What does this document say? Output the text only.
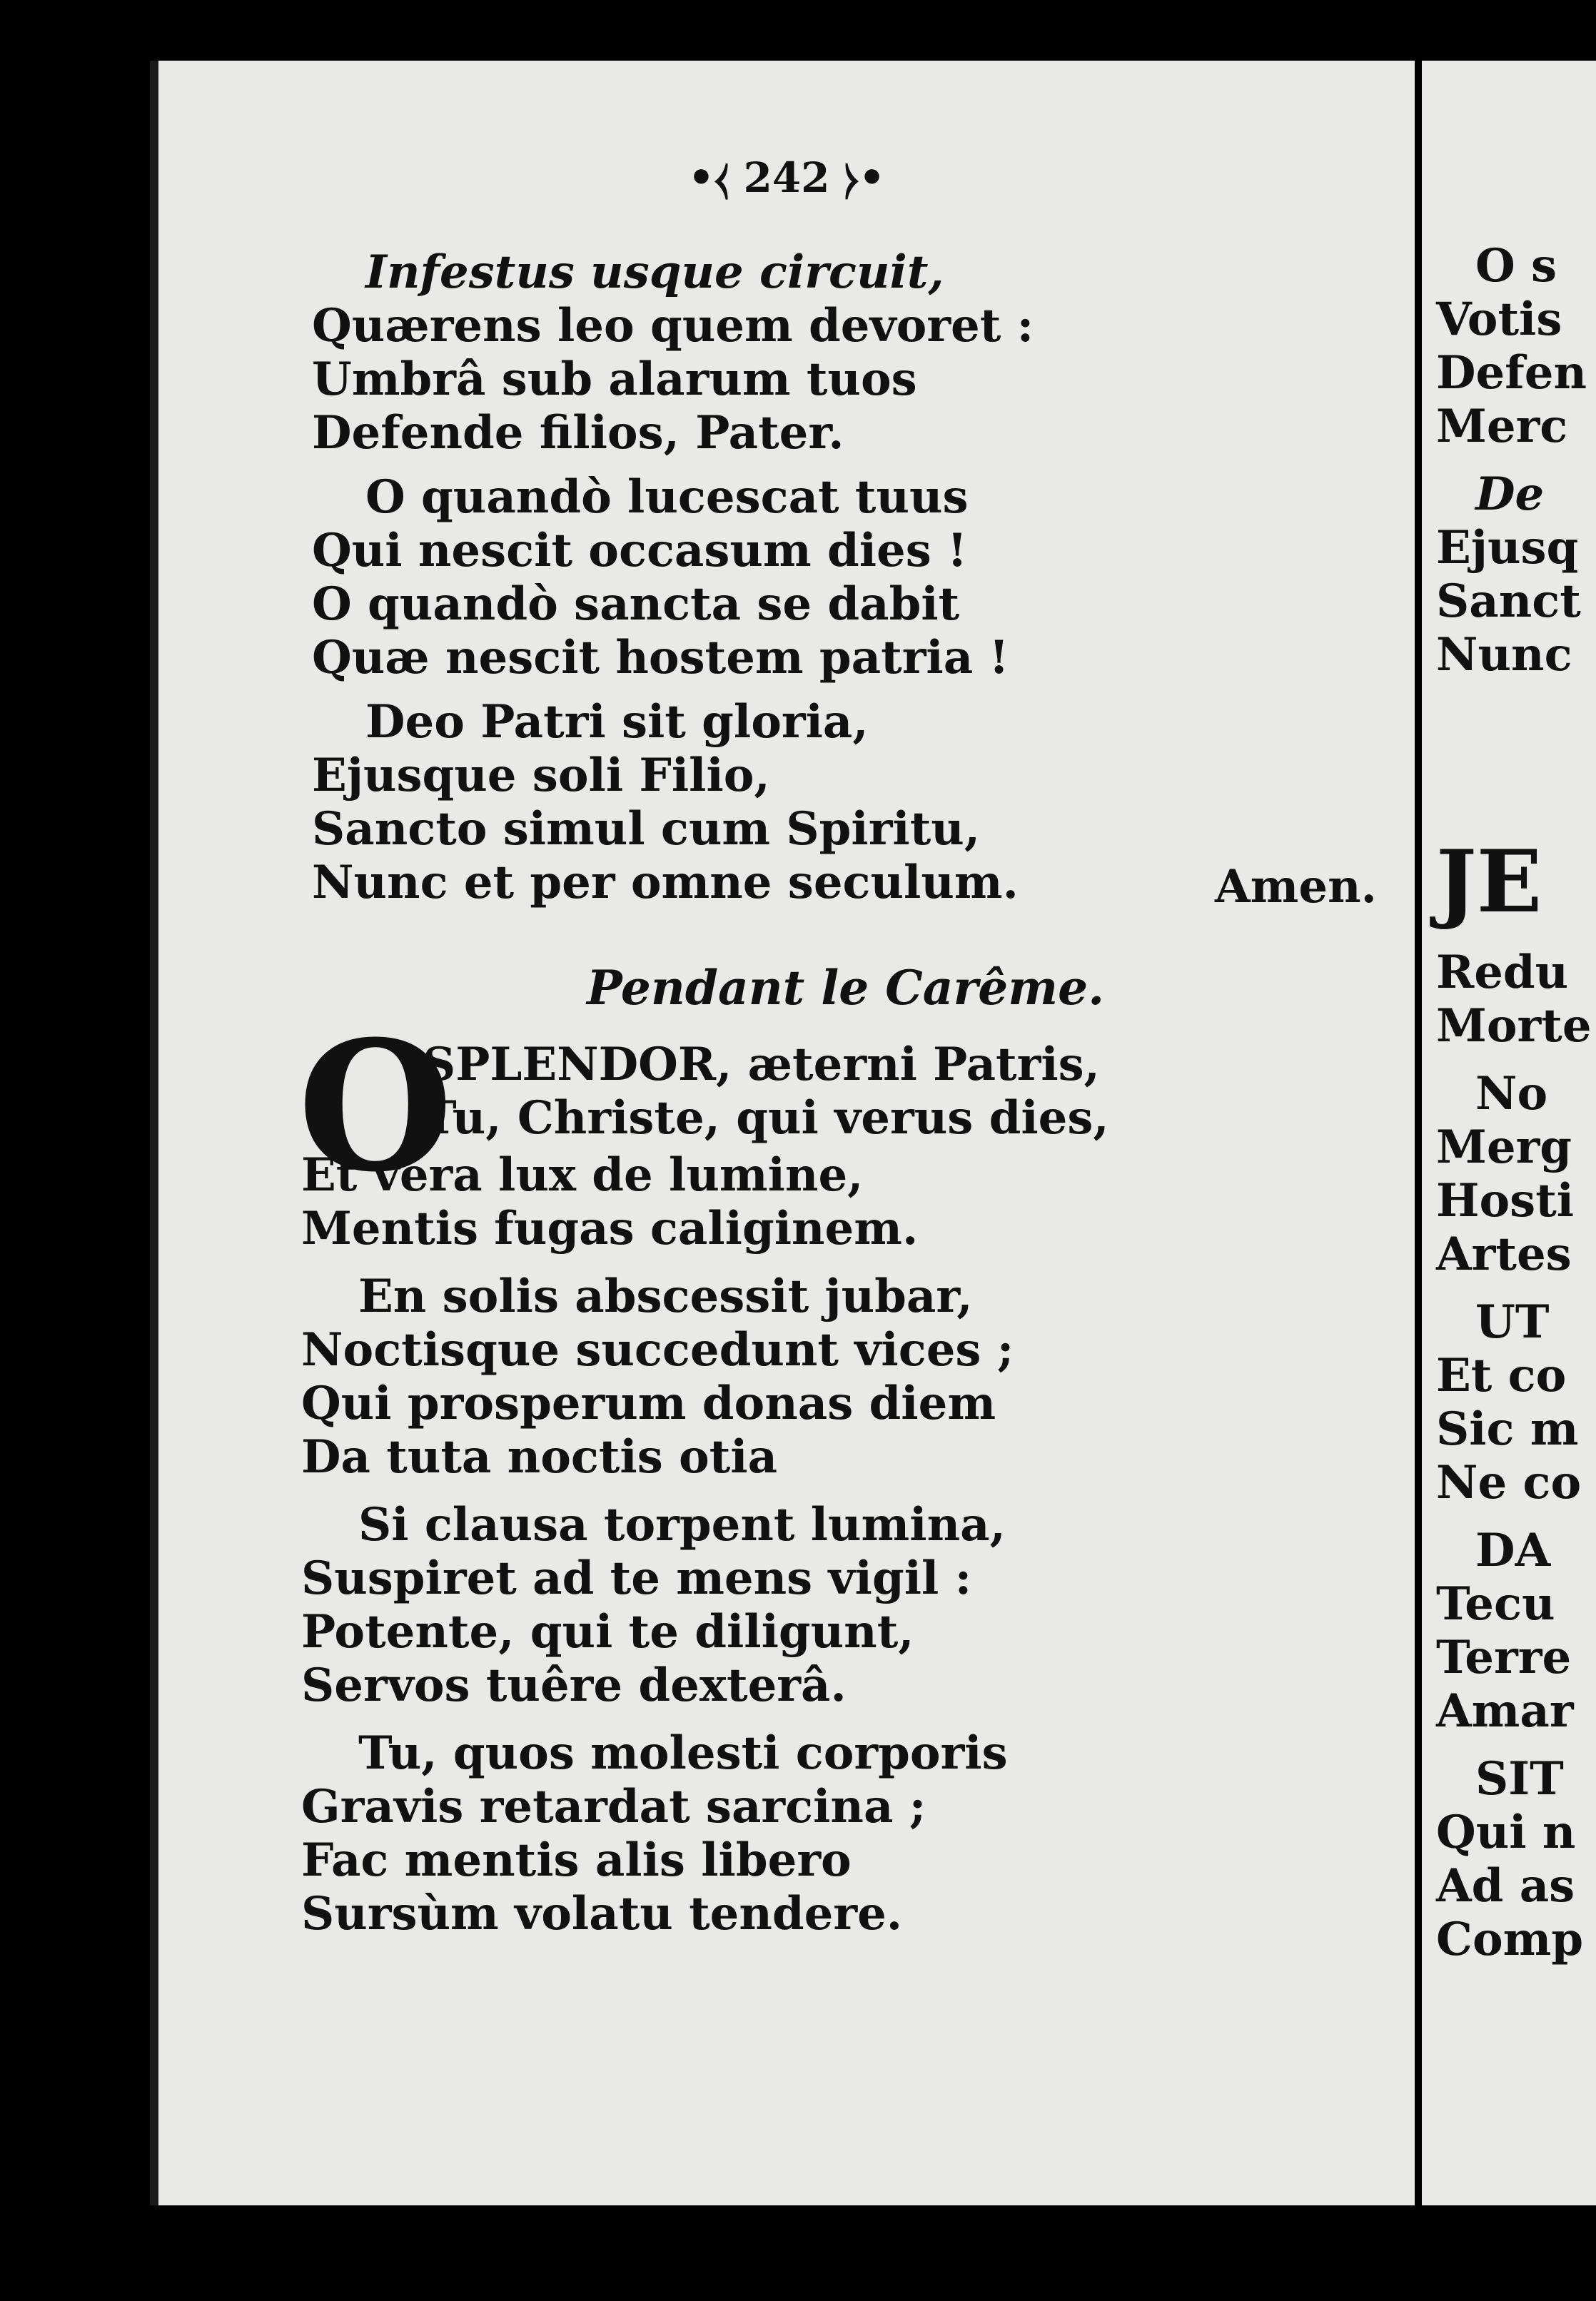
•⧼ 242 ⧽•
Infestus usque circuit,
Quærens leo quem devoret :
Umbrâ sub alarum tuos
Defende filios, Pater.
O quandò lucescat tuus
Qui nescit occasum dies !
O quandò sancta se dabit
Quæ nescit hostem patria !
Deo Patri sit gloria,
Ejusque soli Filio,
Sancto simul cum Spiritu,
Nunc et per omne seculum.	Amen.
Pendant le Carême.
O
SPLENDOR, æterni Patris,
Tu, Christe, qui verus dies,
Et vera lux de lumine,
Mentis fugas caliginem.
En solis abscessit jubar,
Noctisque succedunt vices ;
Qui prosperum donas diem
Da tuta noctis otia
Si clausa torpent lumina,
Suspiret ad te mens vigil :
Potente, qui te diligunt,
Servos tuêre dexterâ.
Tu, quos molesti corporis
Gravis retardat sarcina ;
Fac mentis alis libero
Sursùm volatu tendere.
O s
Votis
Defen
Merc
De
Ejusq
Sanct
Nunc
JE
Redu
Morte
No
Merg
Hosti
Artes
UT
Et co
Sic m
Ne co
DA
Tecu
Terre
Amar
SIT
Qui n
Ad as
Comp
